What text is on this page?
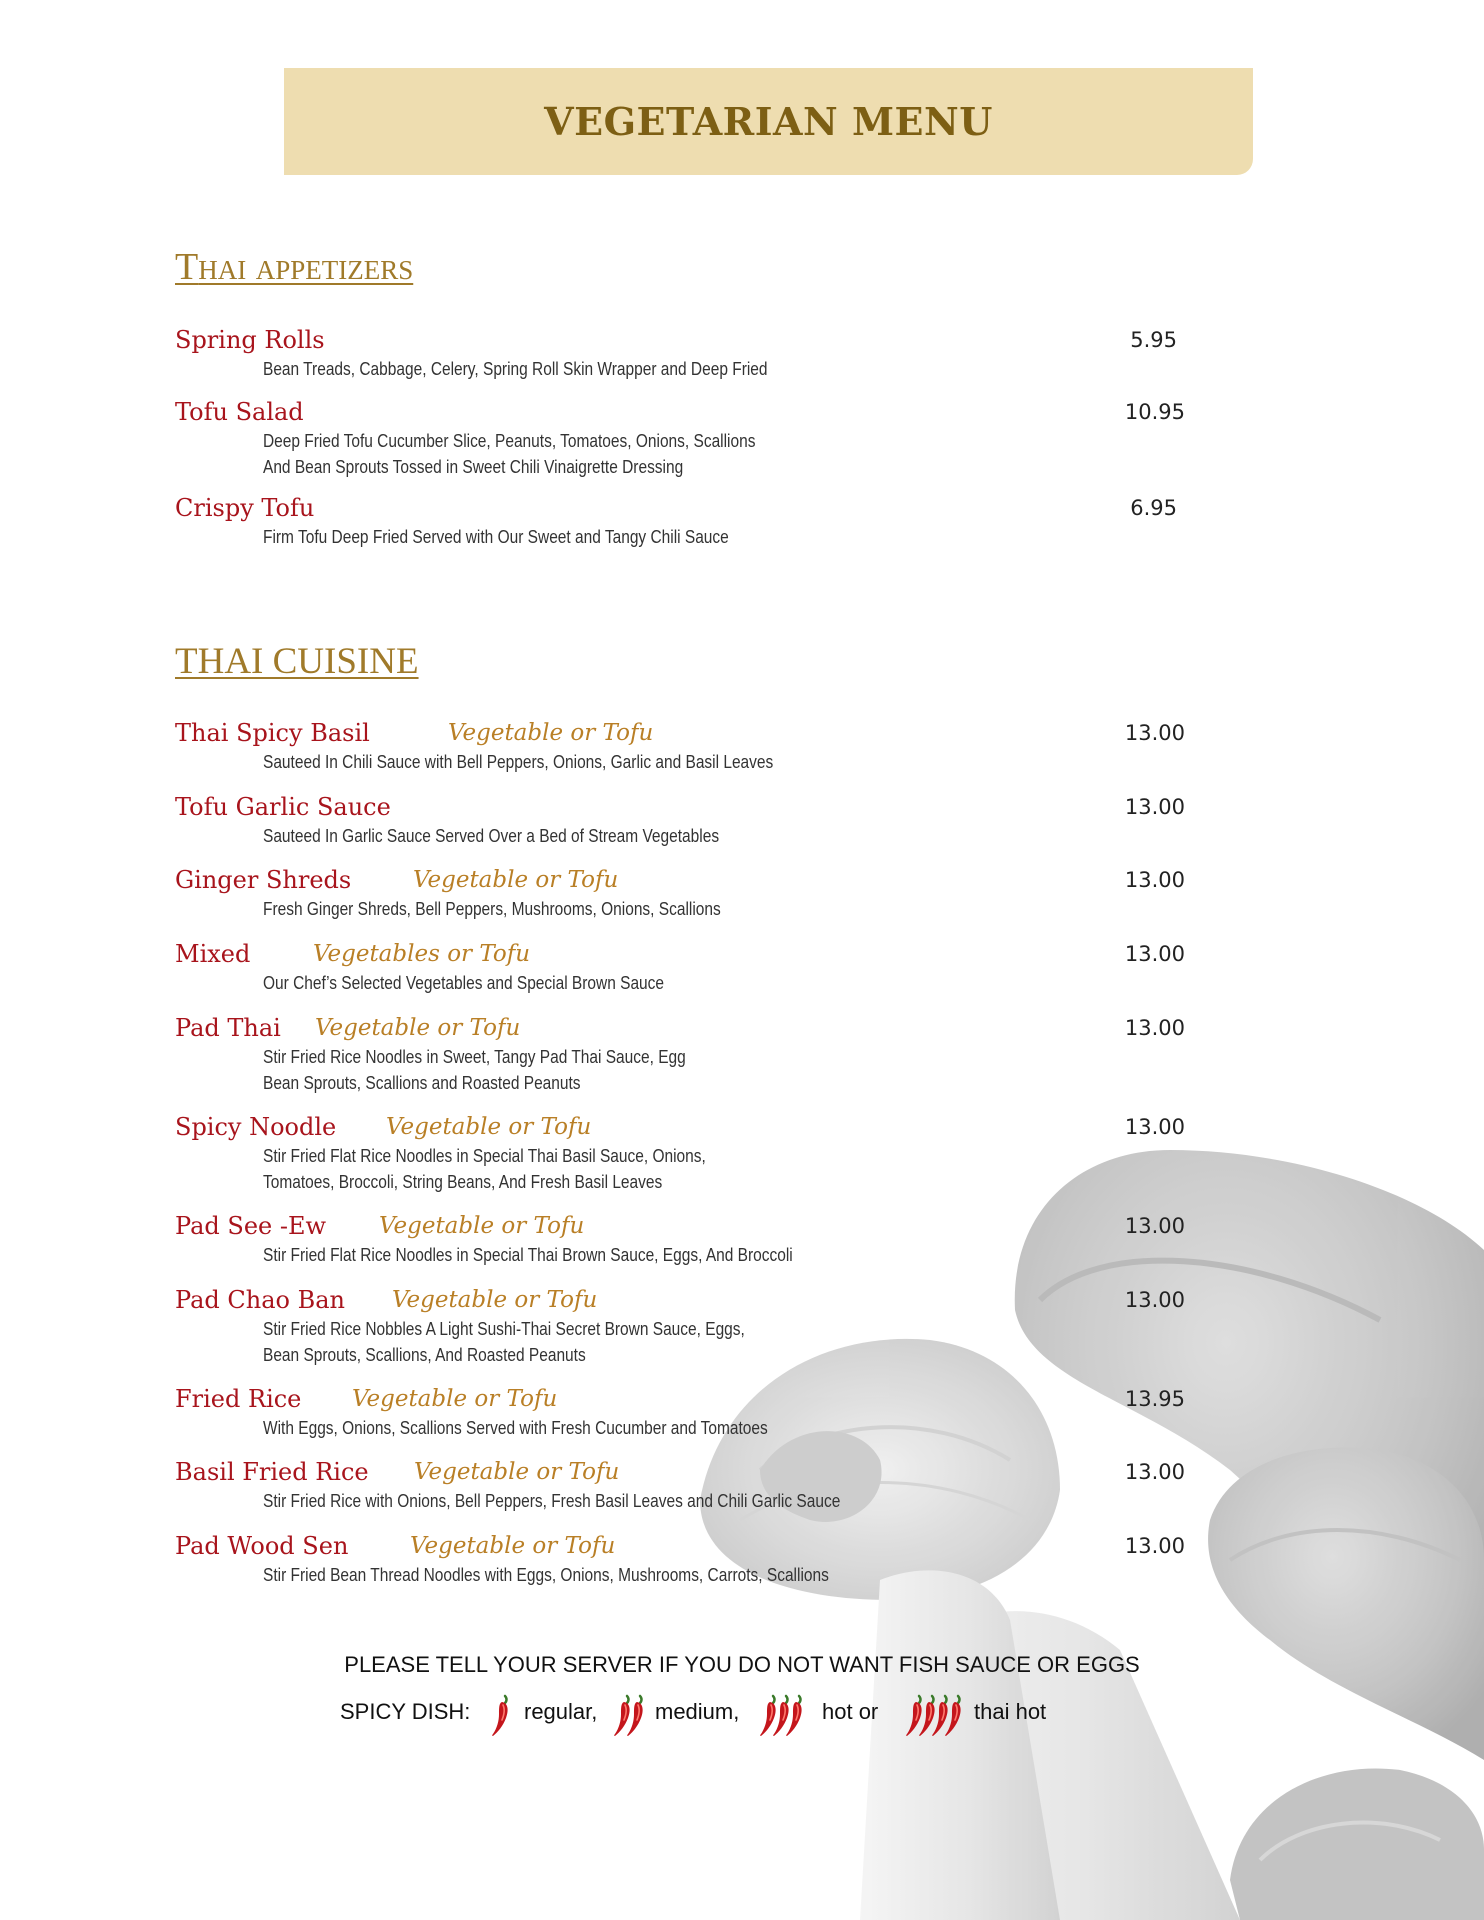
VEGETARIAN MENU
Thai appetizers
Spring Rolls	5.95

Bean Treads, Cabbage, Celery, Spring Roll Skin Wrapper and Deep Fried

Tofu Salad	10.95

Deep Fried Tofu Cucumber Slice, Peanuts, Tomatoes, Onions, Scallions

And Bean Sprouts Tossed in Sweet Chili Vinaigrette Dressing

Crispy Tofu	6.95

Firm Tofu Deep Fried Served with Our Sweet and Tangy Chili Sauce

THAI CUISINE
Thai Spicy Basil	Vegetable or Tofu	13.00

Sauteed In Chili Sauce with Bell Peppers, Onions, Garlic and Basil Leaves

Tofu Garlic Sauce	13.00

Sauteed In Garlic Sauce Served Over a Bed of Stream Vegetables

Ginger Shreds	Vegetable or Tofu	13.00

Fresh Ginger Shreds, Bell Peppers, Mushrooms, Onions, Scallions

Mixed	Vegetables or Tofu	13.00

Our Chef’s Selected Vegetables and Special Brown Sauce

Pad Thai Vegetable or Tofu	13.00

Stir Fried Rice Noodles in Sweet, Tangy Pad Thai Sauce, Egg

Bean Sprouts, Scallions and Roasted Peanuts

Spicy Noodle Vegetable or Tofu	13.00

Stir Fried Flat Rice Noodles in Special Thai Basil Sauce, Onions,

Tomatoes, Broccoli, String Beans, And Fresh Basil Leaves

Pad See -Ew Vegetable or Tofu	13.00

Stir Fried Flat Rice Noodles in Special Thai Brown Sauce, Eggs, And Broccoli

Pad Chao Ban Vegetable or Tofu	13.00

Stir Fried Rice Nobbles A Light Sushi-Thai Secret Brown Sauce, Eggs,

Bean Sprouts, Scallions, And Roasted Peanuts

Fried Rice Vegetable or Tofu	13.95

With Eggs, Onions, Scallions Served with Fresh Cucumber and Tomatoes

Basil Fried Rice Vegetable or Tofu	13.00

Stir Fried Rice with Onions, Bell Peppers, Fresh Basil Leaves and Chili Garlic Sauce

Pad Wood Sen	Vegetable or Tofu	13.00

Stir Fried Bean Thread Noodles with Eggs, Onions, Mushrooms, Carrots, Scallions

PLEASE TELL YOUR SERVER IF YOU DO NOT WANT FISH SAUCE OR EGGS
SPICY DISH: regular,	medium,	hot or	thai hot
